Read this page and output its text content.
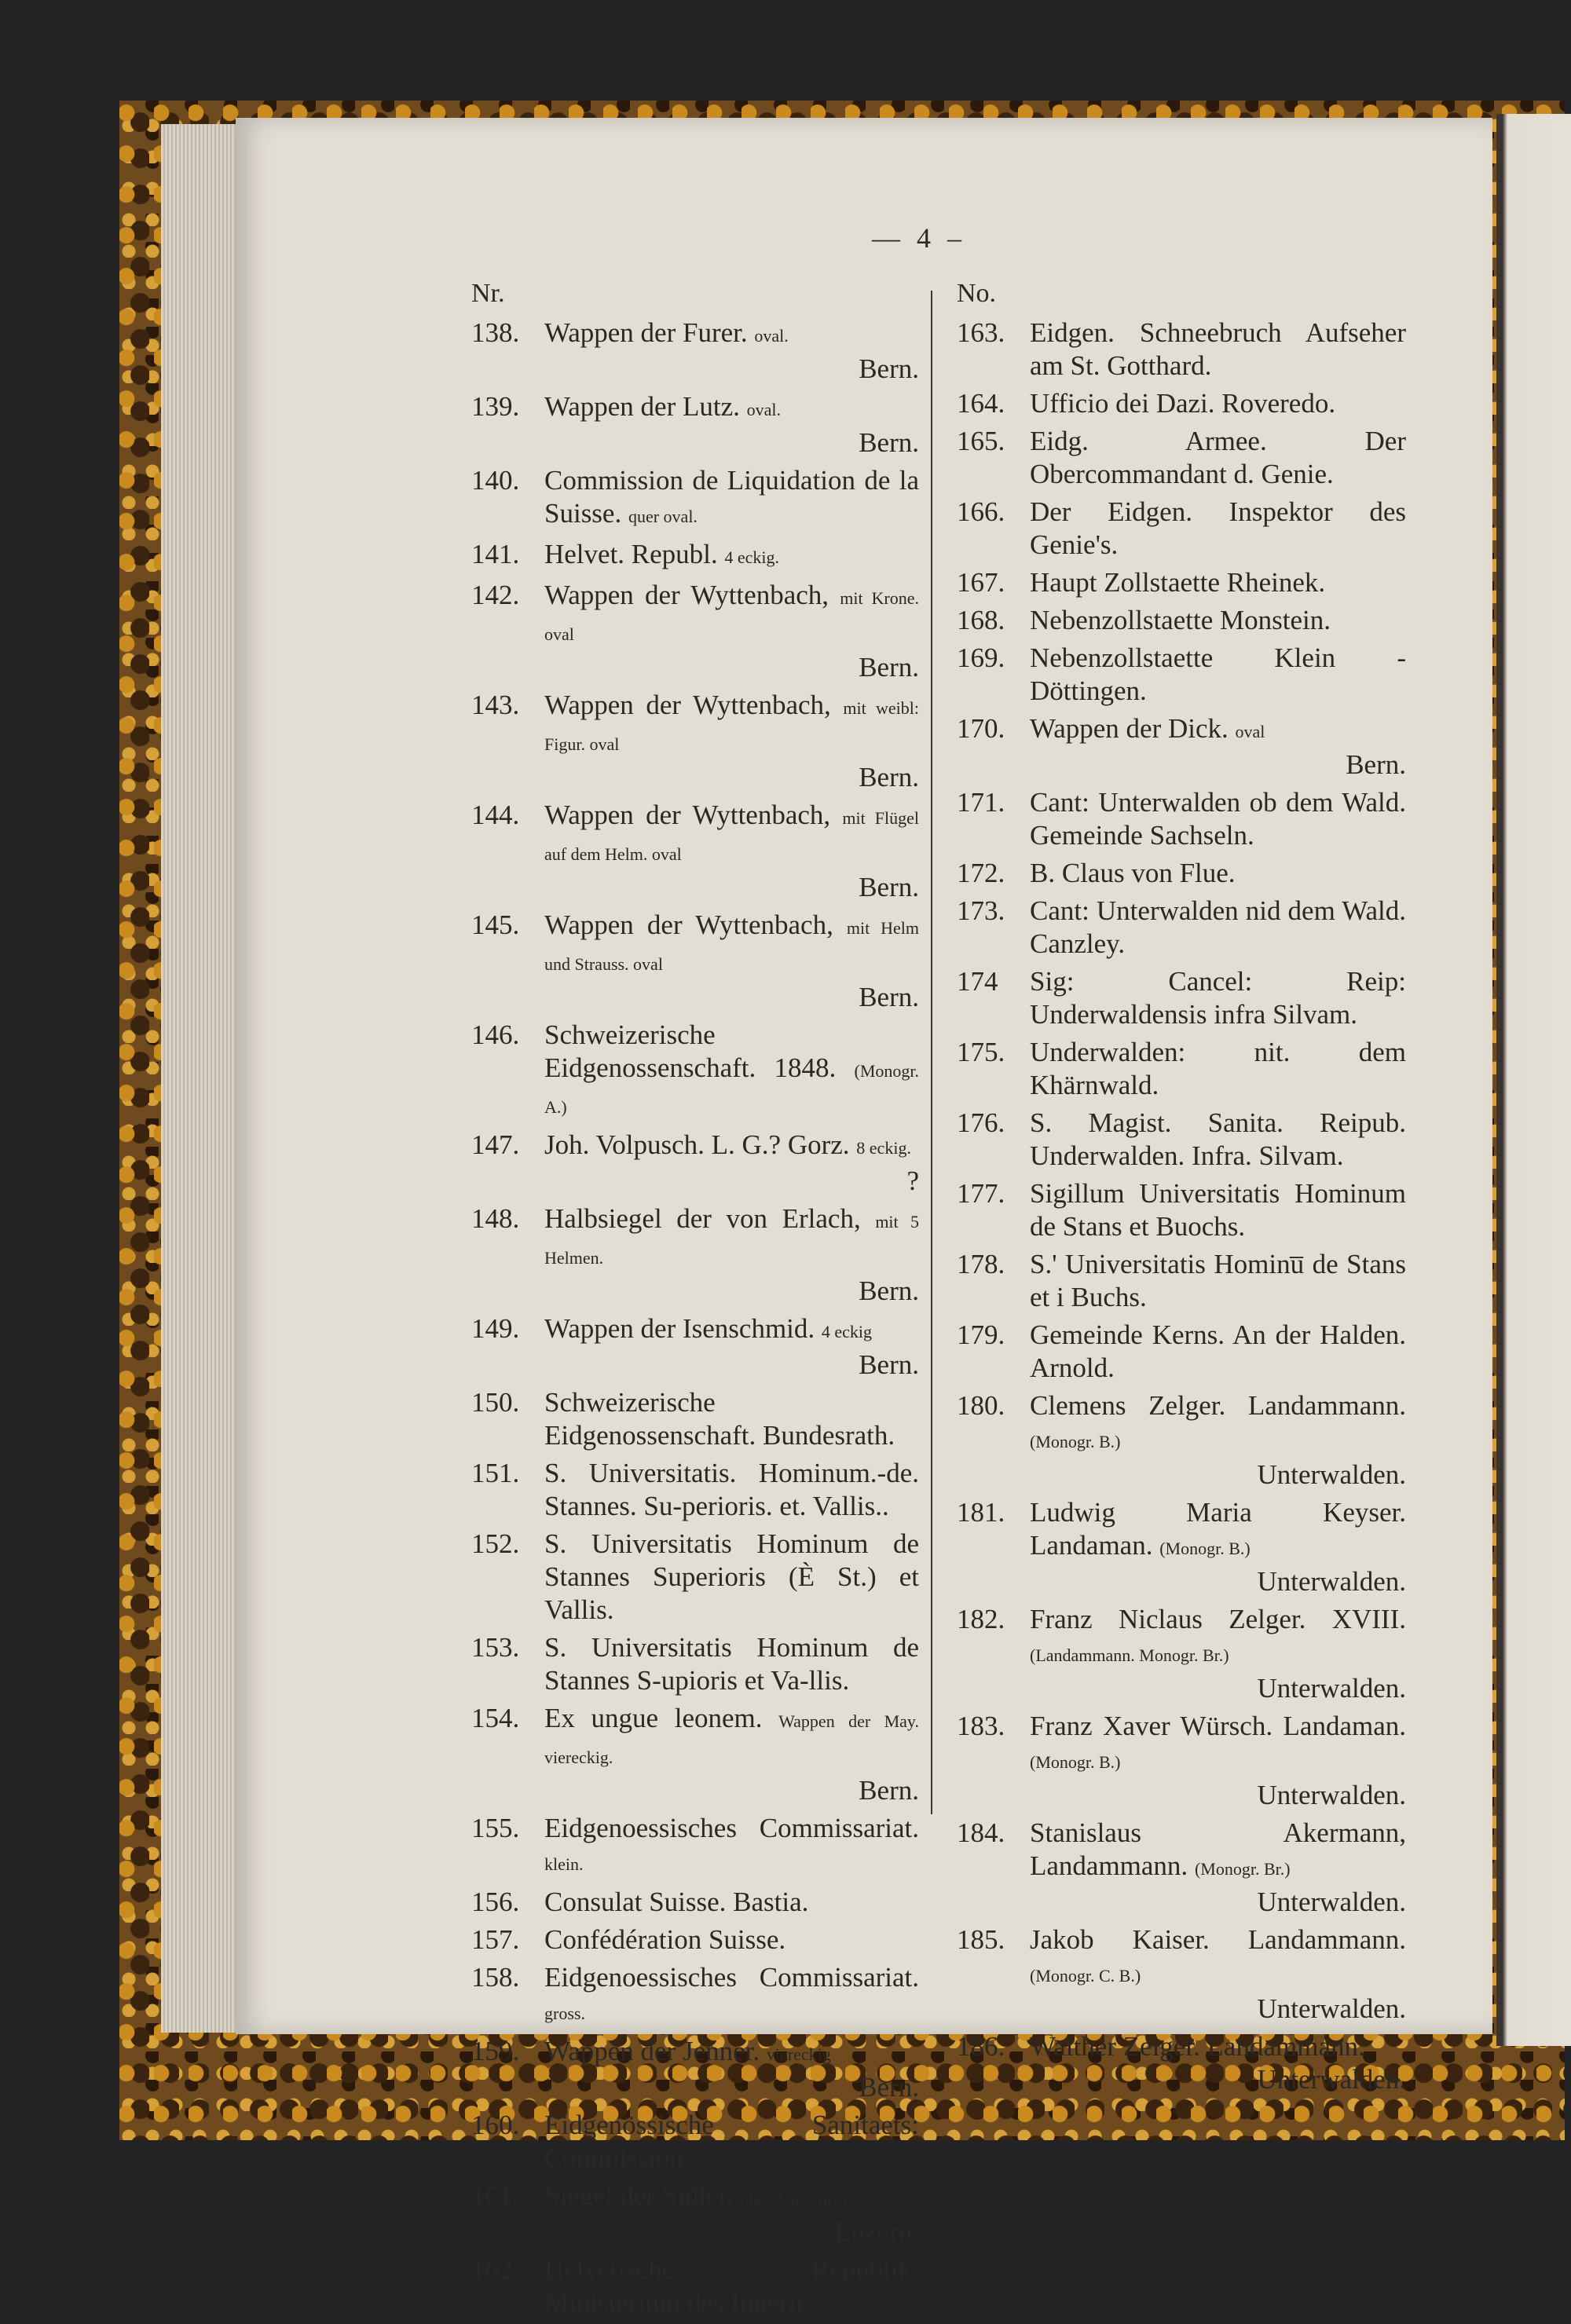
— 4 –
Nr.
138. Wappen der Furer. oval.
Bern.
139. Wappen der Lutz. oval.
Bern.
140. Commission de Liquidation de la Suisse. quer oval.
141. Helvet. Republ. 4 eckig.
142. Wappen der Wyttenbach, mit Krone. oval
Bern.
143. Wappen der Wyttenbach, mit weibl: Figur. oval
Bern.
144. Wappen der Wyttenbach, mit Flügel auf dem Helm. oval
Bern.
145. Wappen der Wyttenbach, mit Helm und Strauss. oval
Bern.
146. Schweizerische Eidgenossenschaft. 1848. (Monogr. A.)
147. Joh. Volpusch. L. G.? Gorz. 8 eckig.
?
148. Halbsiegel der von Erlach, mit 5 Helmen.
Bern.
149. Wappen der Isenschmid. 4 eckig
Bern.
150. Schweizerische Eidgenossenschaft. Bundesrath.
151. S. Universitatis. Hominum.-de. Stannes. Su-perioris. et. Vallis..
152. S. Universitatis Hominum de Stannes Superioris (È St.) et Vallis.
153. S. Universitatis Hominum de Stannes S-upioris et Va-llis.
154. Ex ungue leonem. Wappen der May. viereckig.
Bern.
155. Eidgenoessisches Commissariat. klein.
156. Consulat Suisse. Bastia.
157. Confédération Suisse.
158. Eidgenoessisches Commissariat. gross.
159. Wappen der Jenner. viereckig
Bern.
160. Eidgenössische Sanitaets: Commission.
161. Siegel der Sidler, ohne Umschrift
Luzern.
162. Helvetische Republik. Ministerium des Innern.
No.
163. Eidgen. Schneebruch Aufseher am St. Gotthard.
164. Ufficio dei Dazi. Roveredo.
165. Eidg. Armee. Der Obercommandant d. Genie.
166. Der Eidgen. Inspektor des Genie's.
167. Haupt Zollstaette Rheinek.
168. Nebenzollstaette Monstein.
169. Nebenzollstaette Klein - Döttingen.
170. Wappen der Dick. oval
Bern.
171. Cant: Unterwalden ob dem Wald. Gemeinde Sachseln.
172. B. Claus von Flue.
173. Cant: Unterwalden nid dem Wald. Canzley.
174	Sig: Cancel: Reip: Underwaldensis infra Silvam.
175. Underwalden: nit. dem Khärnwald.
176. S. Magist. Sanita. Reipub. Underwalden. Infra. Silvam.
177. Sigillum Universitatis Hominum de Stans et Buochs.
178. S.' Universitatis Hominu̅ de Stans et i Buchs.
179. Gemeinde Kerns. An der Halden. Arnold.
180. Clemens Zelger. Landammann. (Monogr. B.)
Unterwalden.
181. Ludwig Maria Keyser. Landaman. (Monogr. B.)
Unterwalden.
182. Franz Niclaus Zelger. XVIII. (Landammann. Monogr. Br.)
Unterwalden.
183. Franz Xaver Würsch. Landaman. (Monogr. B.)
Unterwalden.
184. Stanislaus Akermann, Landammann. (Monogr. Br.)
Unterwalden.
185. Jakob Kaiser. Landammann. (Monogr. C. B.)
Unterwalden.
186. Walther Zelger. Landammann.
Unterwalden.
